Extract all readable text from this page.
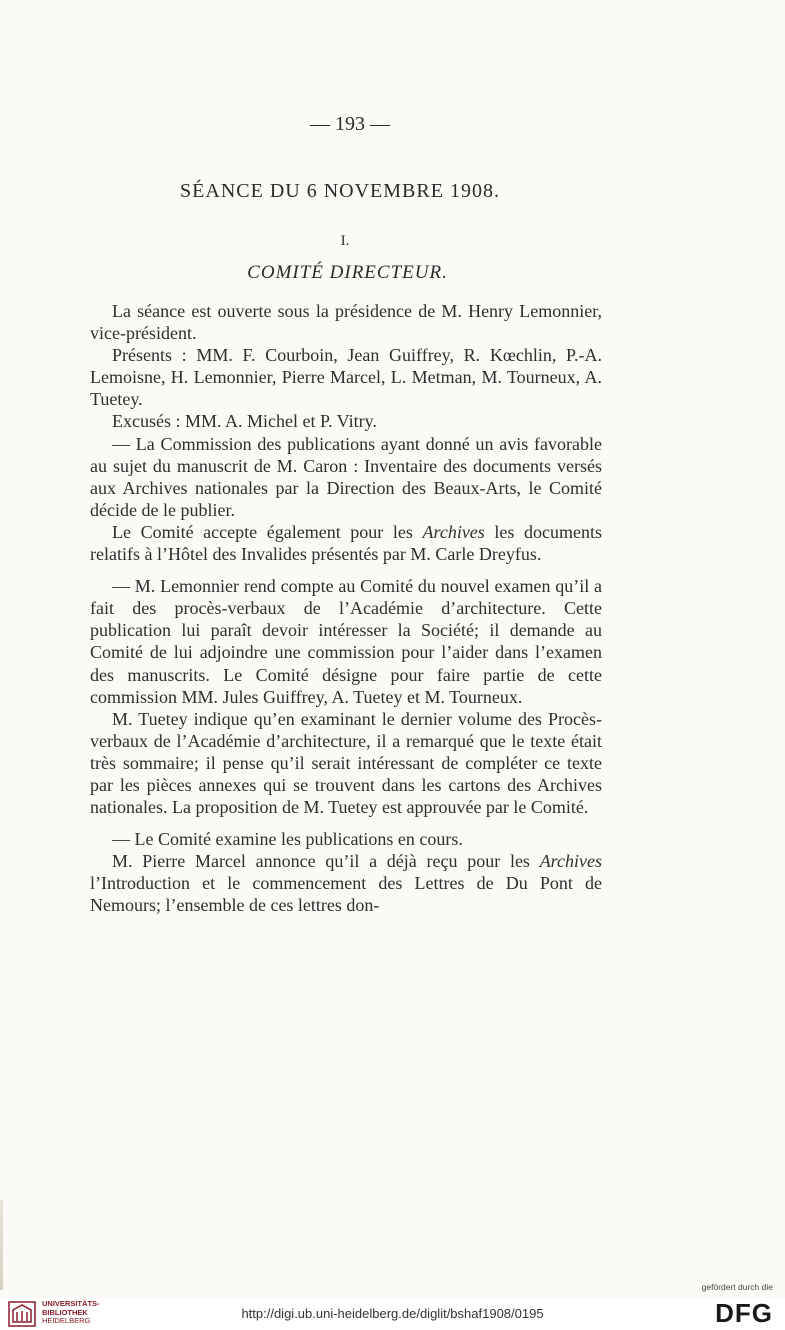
— 193 —
SÉANCE DU 6 NOVEMBRE 1908.
I.
COMITÉ DIRECTEUR.

La séance est ouverte sous la présidence de M. Henry Lemonnier, vice-président.

Présents : MM. F. Courboin, Jean Guiffrey, R. Kœchlin, P.-A. Lemoisne, H. Lemonnier, Pierre Marcel, L. Metman, M. Tourneux, A. Tuetey.

Excusés : MM. A. Michel et P. Vitry.

— La Commission des publications ayant donné un avis favorable au sujet du manuscrit de M. Caron : Inventaire des documents versés aux Archives nationales par la Direction des Beaux-Arts, le Comité décide de le publier.

Le Comité accepte également pour les Archives les documents relatifs à l’Hôtel des Invalides présentés par M. Carle Dreyfus.

— M. Lemonnier rend compte au Comité du nouvel examen qu’il a fait des procès-verbaux de l’Académie d’architecture. Cette publication lui paraît devoir intéresser la Société; il demande au Comité de lui adjoindre une commission pour l’aider dans l’examen des manuscrits. Le Comité désigne pour faire partie de cette commission MM. Jules Guiffrey, A. Tuetey et M. Tourneux.

M. Tuetey indique qu’en examinant le dernier volume des Procès-verbaux de l’Académie d’architecture, il a remarqué que le texte était très sommaire; il pense qu’il serait intéressant de compléter ce texte par les pièces annexes qui se trouvent dans les cartons des Archives nationales. La proposition de M. Tuetey est approuvée par le Comité.

— Le Comité examine les publications en cours.

M. Pierre Marcel annonce qu’il a déjà reçu pour les Archives l’Introduction et le commencement des Lettres de Du Pont de Nemours; l’ensemble de ces lettres don-

UNIVERSITÄTS-
BIBLIOTHEK
HEIDELBERG	http://digi.ub.uni-heidelberg.de/diglit/bshaf1908/0195
gefördert durch die
DFG
